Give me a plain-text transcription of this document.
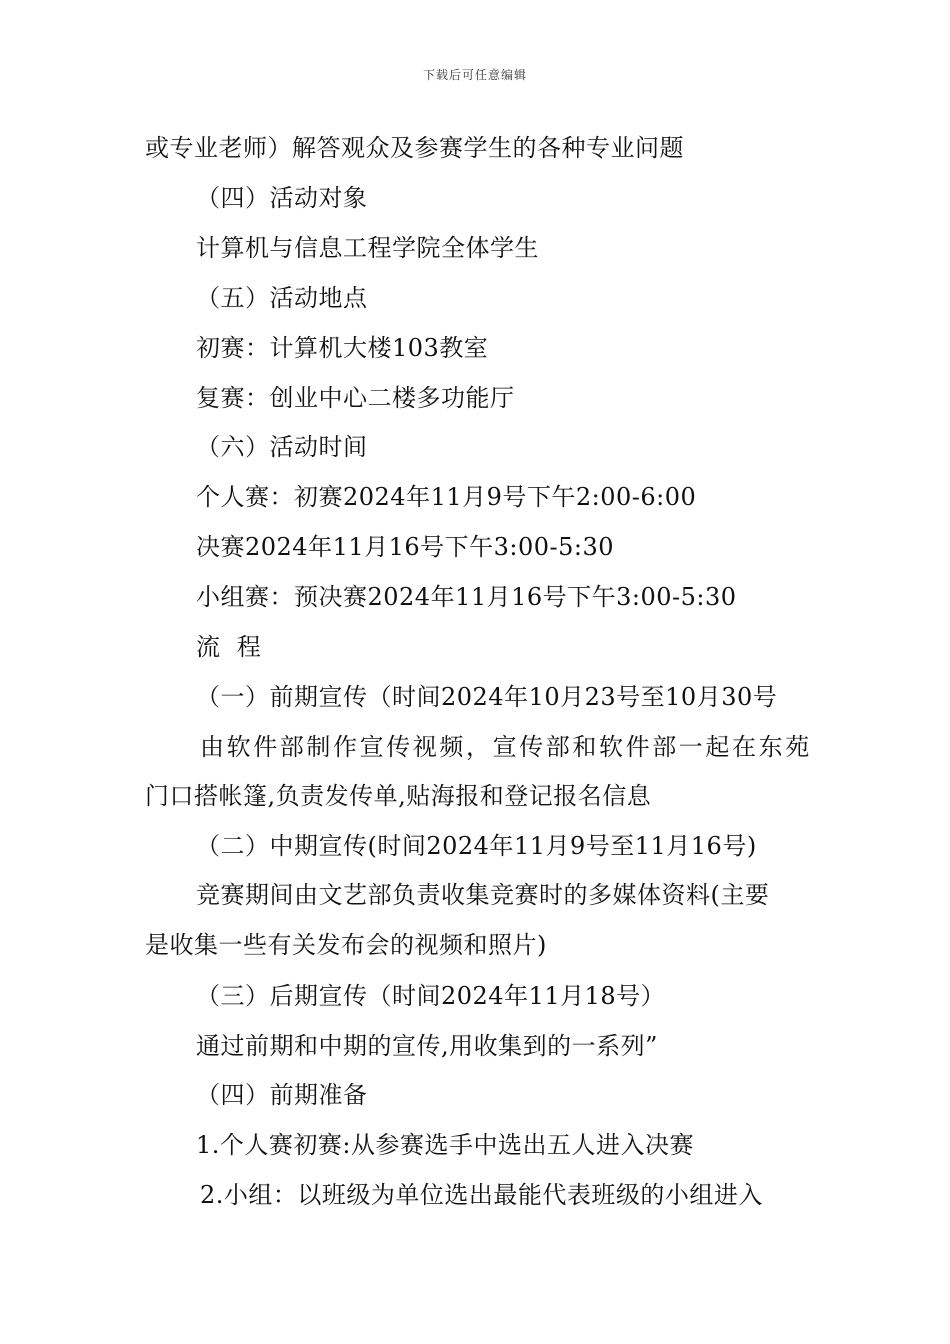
下载后可任意编辑
或专业老师）解答观众及参赛学生的各种专业问题
（四）活动对象
计算机与信息工程学院全体学生
（五）活动地点
初赛：计算机大楼103教室
复赛：创业中心二楼多功能厅
（六）活动时间
个人赛：初赛2024年11月9号下午2:00-6:00
决赛2024年11月16号下午3:00-5:30
小组赛：预决赛2024年11月16号下午3:00-5:30
流  程
（一）前期宣传（时间2024年10月23号至10月30号
由软件部制作宣传视频，宣传部和软件部一起在东苑
门口搭帐篷,负责发传单,贴海报和登记报名信息
（二）中期宣传(时间2024年11月9号至11月16号)
竞赛期间由文艺部负责收集竞赛时的多媒体资料(主要
是收集一些有关发布会的视频和照片)
（三）后期宣传（时间2024年11月18号）
通过前期和中期的宣传,用收集到的一系列”
（四）前期准备
1.个人赛初赛:从参赛选手中选出五人进入决赛
2.小组：以班级为单位选出最能代表班级的小组进入
